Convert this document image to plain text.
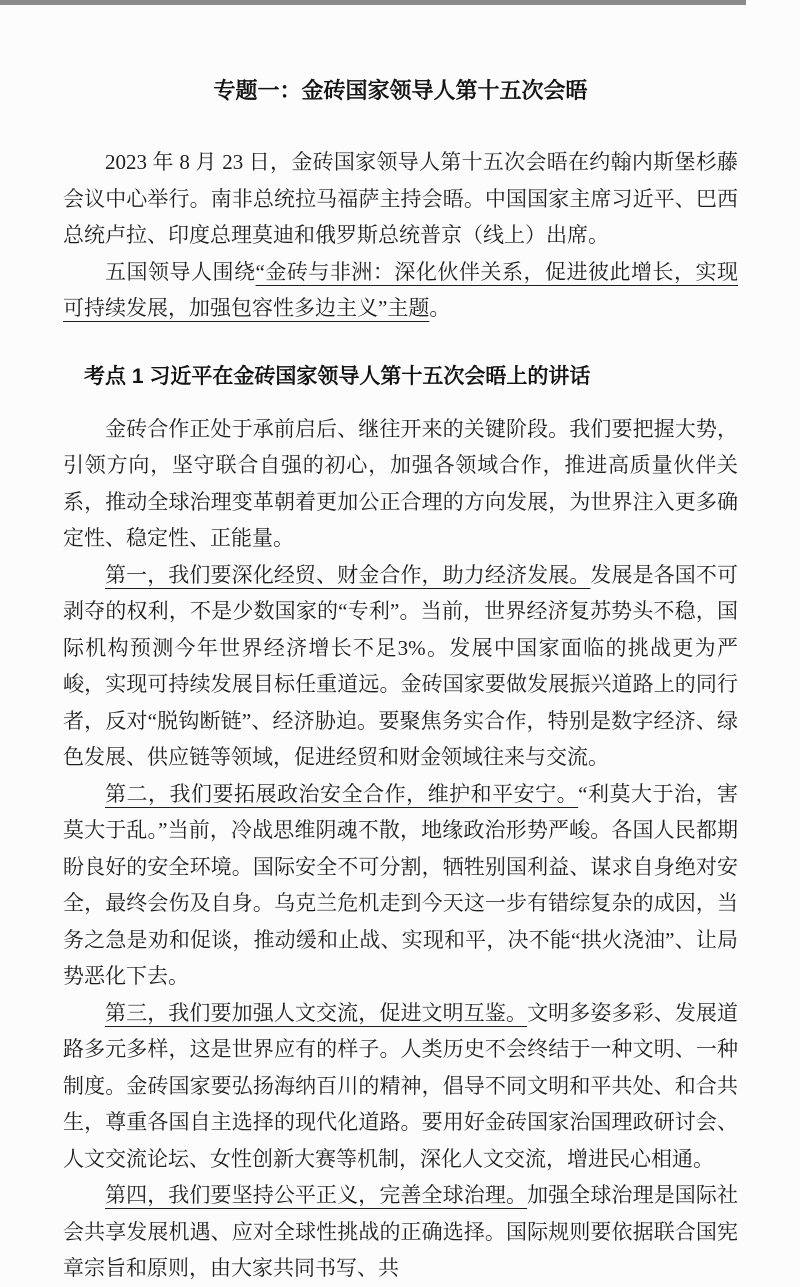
专题一：金砖国家领导人第十五次会晤

2023 年 8 月 23 日，金砖国家领导人第十五次会晤在约翰内斯堡杉藤会议中心举行。南非总统拉马福萨主持会晤。中国国家主席习近平、巴西总统卢拉、印度总理莫迪和俄罗斯总统普京（线上）出席。

五国领导人围绕“金砖与非洲：深化伙伴关系，促进彼此增长，实现可持续发展，加强包容性多边主义”主题。

考点 1 习近平在金砖国家领导人第十五次会晤上的讲话

金砖合作正处于承前启后、继往开来的关键阶段。我们要把握大势，引领方向，坚守联合自强的初心，加强各领域合作，推进高质量伙伴关系，推动全球治理变革朝着更加公正合理的方向发展，为世界注入更多确定性、稳定性、正能量。

第一，我们要深化经贸、财金合作，助力经济发展。发展是各国不可剥夺的权利，不是少数国家的“专利”。当前，世界经济复苏势头不稳，国际机构预测今年世界经济增长不足3%。发展中国家面临的挑战更为严峻，实现可持续发展目标任重道远。金砖国家要做发展振兴道路上的同行者，反对“脱钩断链”、经济胁迫。要聚焦务实合作，特别是数字经济、绿色发展、供应链等领域，促进经贸和财金领域往来与交流。

第二，我们要拓展政治安全合作，维护和平安宁。“利莫大于治，害莫大于乱。”当前，冷战思维阴魂不散，地缘政治形势严峻。各国人民都期盼良好的安全环境。国际安全不可分割，牺牲别国利益、谋求自身绝对安全，最终会伤及自身。乌克兰危机走到今天这一步有错综复杂的成因，当务之急是劝和促谈，推动缓和止战、实现和平，决不能“拱火浇油”、让局势恶化下去。

第三，我们要加强人文交流，促进文明互鉴。文明多姿多彩、发展道路多元多样，这是世界应有的样子。人类历史不会终结于一种文明、一种制度。金砖国家要弘扬海纳百川的精神，倡导不同文明和平共处、和合共生，尊重各国自主选择的现代化道路。要用好金砖国家治国理政研讨会、人文交流论坛、女性创新大赛等机制，深化人文交流，增进民心相通。

第四，我们要坚持公平正义，完善全球治理。加强全球治理是国际社会共享发展机遇、应对全球性挑战的正确选择。国际规则要依据联合国宪章宗旨和原则，由大家共同书写、共
